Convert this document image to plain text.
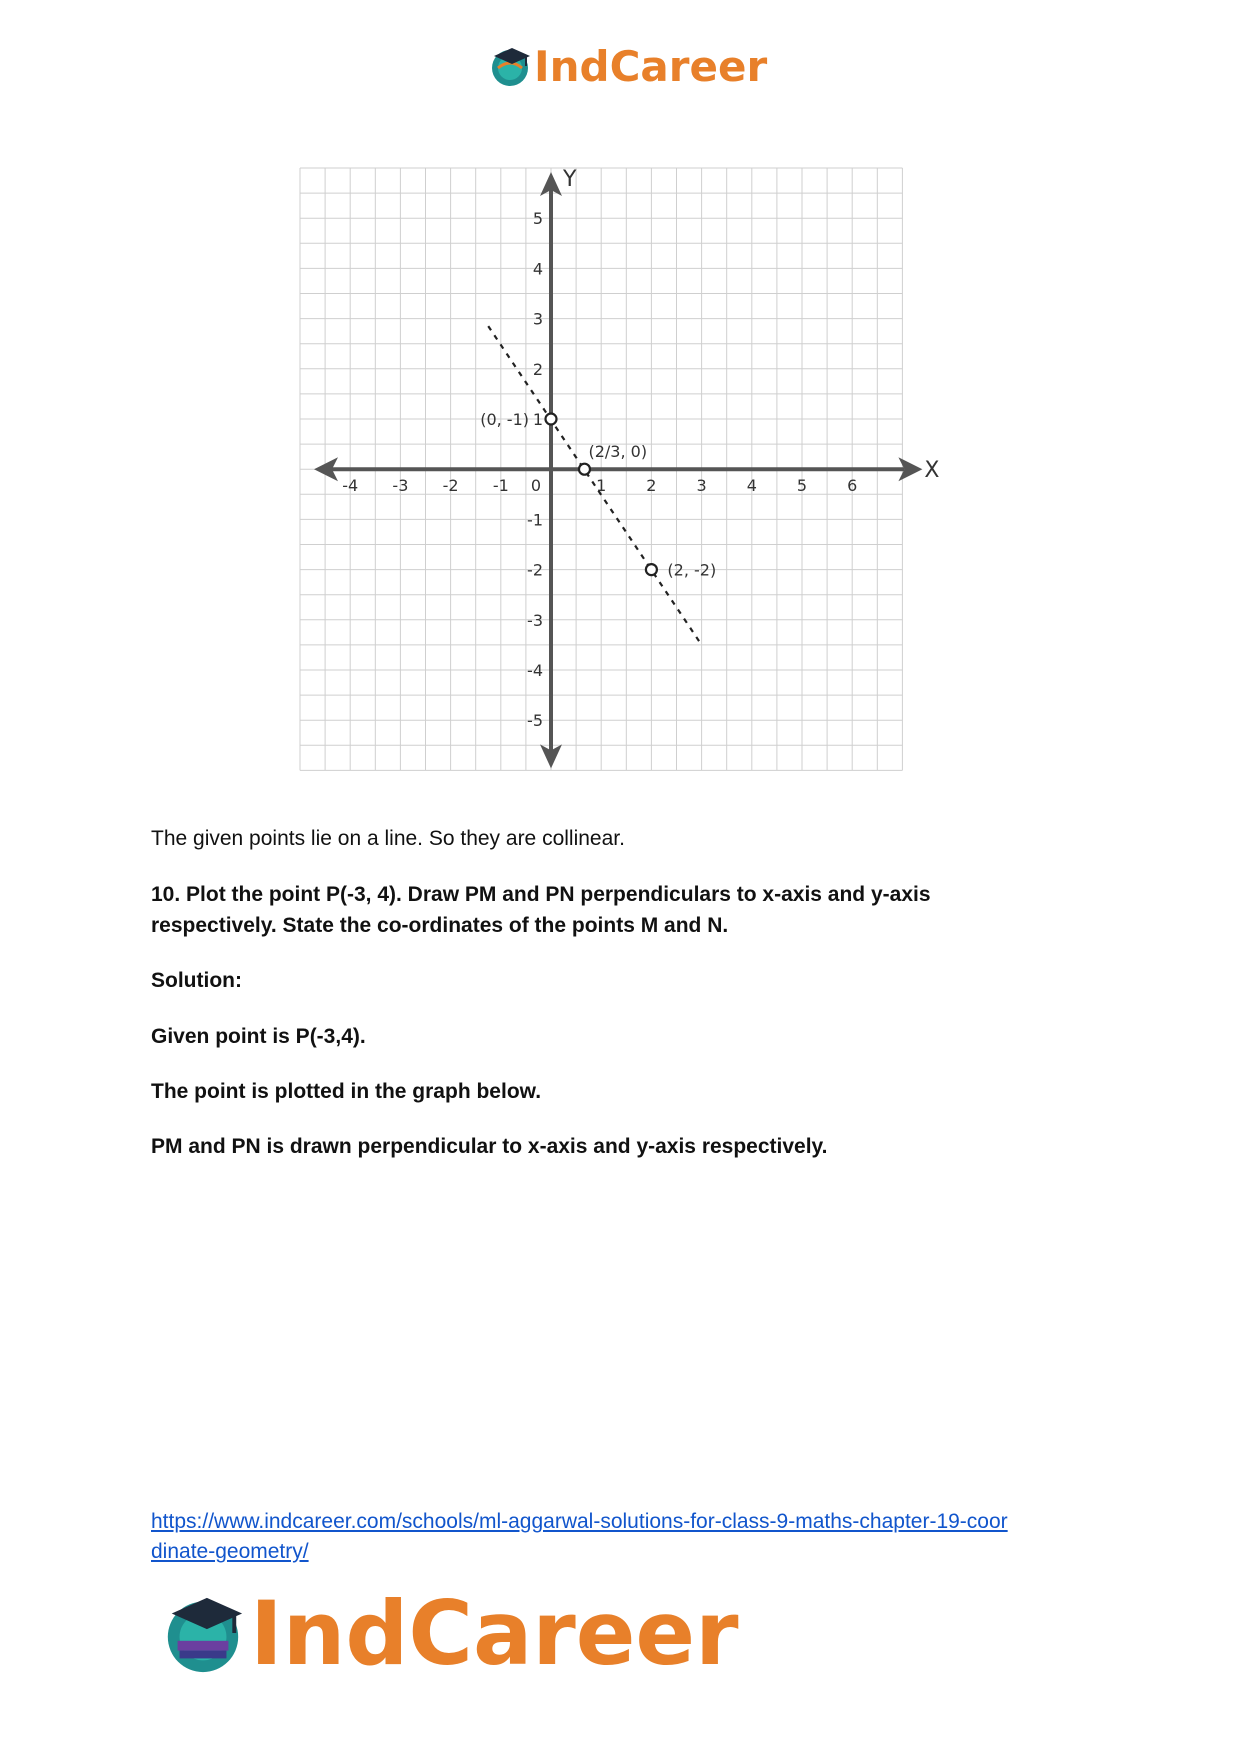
IndCareer
-4 -3 -2 -1	1	2	3	4	5	6
5
4
3
2
1
-1
-2
-3
-4
-5
(0, -1)
(2/3, 0)
(2, -2)
X
Y
0
The given points lie on a line. So they are collinear.
10. Plot the point P(-3, 4). Draw PM and PN perpendiculars to x-axis and y-axis
respectively. State the co-ordinates of the points M and N.
Solution:
Given point is P(-3,4).
The point is plotted in the graph below.
PM and PN is drawn perpendicular to x-axis and y-axis respectively.
https://www.indcareer.com/schools/ml-aggarwal-solutions-for-class-9-maths-chapter-19-coor
dinate-geometry/
IndCareer
